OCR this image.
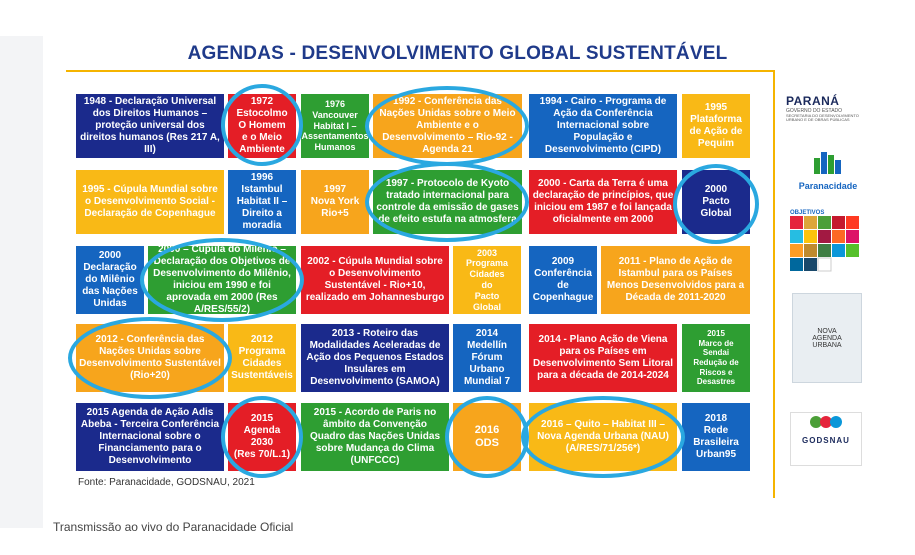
AGENDAS - DESENVOLVIMENTO GLOBAL SUSTENTÁVEL
1948 - Declaração Universal dos Direitos Humanos – proteção universal dos direitos humanos (Res 217 A, III)
1972
Estocolmo
O Homem
e o Meio
Ambiente
1976
Vancouver
Habitat I –
Assentamentos
Humanos
1992 - Conferência das Nações Unidas sobre o Meio Ambiente e o Desenvolvimento – Rio-92 - Agenda 21
1994 - Cairo - Programa de Ação da Conferência Internacional sobre População e Desenvolvimento (CIPD)
1995
Plataforma
de Ação de
Pequim
1995 - Cúpula Mundial sobre o Desenvolvimento Social - Declaração de Copenhague
1996
Istambul
Habitat II –
Direito a
moradia
1997
Nova York
Rio+5
1997 - Protocolo de Kyoto tratado internacional para controle da emissão de gases de efeito estufa na atmosfera
2000 - Carta da Terra é uma declaração de princípios, que iniciou em 1987 e foi lançada oficialmente em 2000
2000
Pacto
Global
2000
Declaração
do Milênio
das Nações
Unidas
2000 – Cúpula do Milênio – Declaração dos Objetivos de Desenvolvimento do Milênio, iniciou em 1990 e foi aprovada em 2000 (Res A/RES/55/2)
2002 - Cúpula Mundial sobre o Desenvolvimento Sustentável - Rio+10, realizado em Johannesburgo
2003
Programa
Cidades
do
Pacto
Global
2009
Conferência
de
Copenhague
2011 - Plano de Ação de Istambul para os Países Menos Desenvolvidos para a Década de 2011-2020
2012 - Conferência das Nações Unidas sobre Desenvolvimento Sustentável (Rio+20)
2012
Programa
Cidades
Sustentáveis
2013 - Roteiro das Modalidades Aceleradas de Ação dos Pequenos Estados Insulares em Desenvolvimento (SAMOA)
2014
Medellín
Fórum
Urbano
Mundial 7
2014 - Plano Ação de Viena para os Países em Desenvolvimento Sem Litoral para a década de 2014-2024
2015
Marco de
Sendai
Redução de
Riscos e
Desastres
2015 Agenda de Ação Adis Abeba - Terceira Conferência Internacional sobre o Financiamento para o Desenvolvimento
2015
Agenda
2030
(Res 70/L.1)
2015 - Acordo de Paris no âmbito da Convenção Quadro das Nações Unidas sobre Mudança do Clima (UNFCCC)
2016
ODS
2016 – Quito – Habitat III – Nova Agenda Urbana (NAU)
(A/RES/71/256*)
2018
Rede
Brasileira
Urban95
Fonte: Paranacidade, GODSNAU, 2021
PARANÁ
GOVERNO DO ESTADO
SECRETARIA DO DESENVOLVIMENTO URBANO E DE OBRAS PÚBLICAS
Paranacidade
OBJETIVOS
NOVA
AGENDA
URBANA
GODSNAU
Transmissão ao vivo do Paranacidade Oficial
